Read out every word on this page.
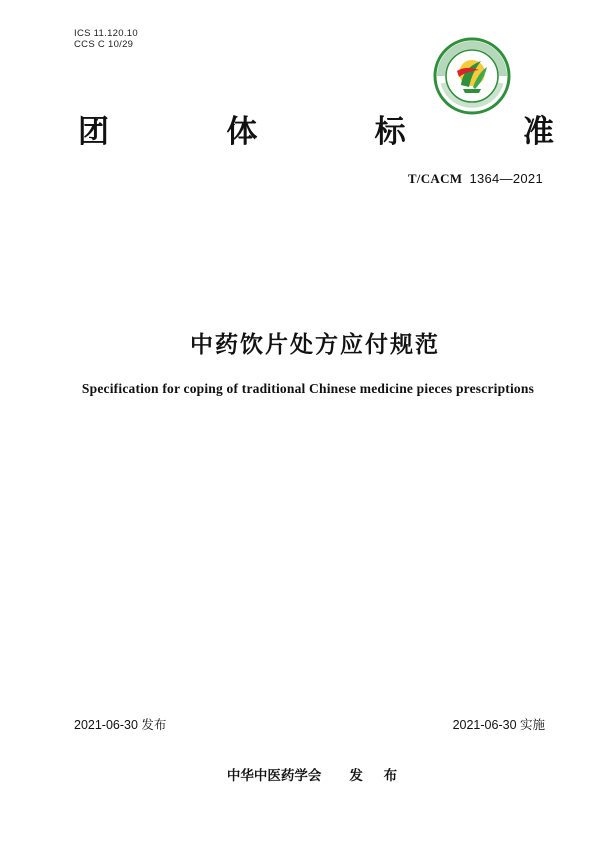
ICS 11.120.10
CCS C 10/29
团	体	标	准
T/CACM 1364—2021
中药饮片处方应付规范
Specification for coping of traditional Chinese medicine pieces prescriptions
2021-06-30 发布	2021-06-30 实施
中华中医药学会 发 布
